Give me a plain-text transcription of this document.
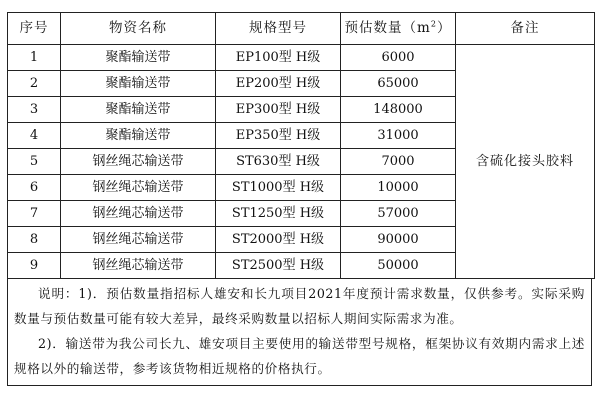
序号	物资名称	规格型号	预估数量$(m^2)$	备注
1	聚酯输送带	EP100型 H级	6000	含硫化接头胶料
2	聚酯输送带	EP200型 H级	65000	
3	聚酯输送带	EP300型 H级	148000	
4	聚酯输送带	EP350型 H级	31000	
5	钢丝绳芯输送带	ST630型 H级	7000	
6	钢丝绳芯输送带	ST1000型 H级	10000	
7	钢丝绳芯输送带	ST1250型 H级	57000	
8	钢丝绳芯输送带	ST2000型 H级	90000	
9	钢丝绳芯输送带	ST2500型 H级	50000	

说明：1)．预估数量指招标人雄安和长九项目2021年度预计需求数量，仅供参考。实际采购数量与预估数量可能有较大差异，最终采购数量以招标人期间实际需求为准。

2)．输送带为我公司长九、雄安项目主要使用的输送带型号规格，框架协议有效期内需求上述规格以外的输送带，参考该货物相近规格的价格执行。
